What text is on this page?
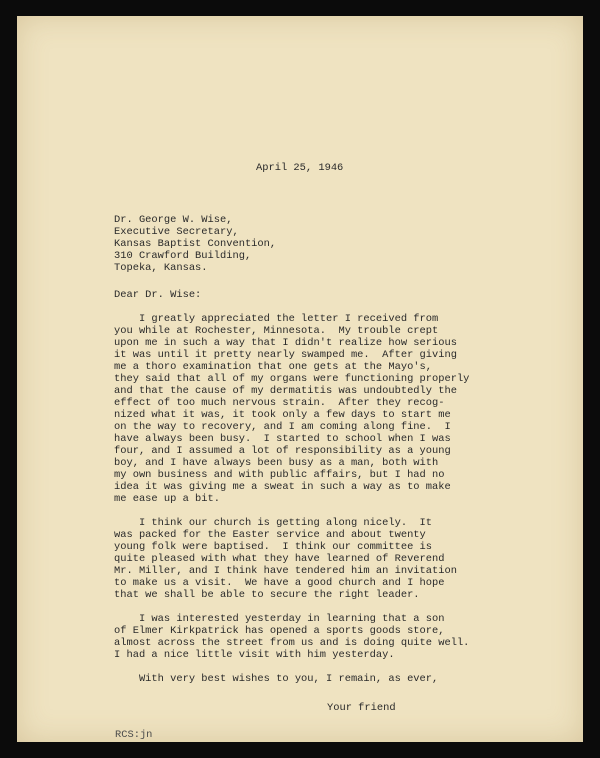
April 25, 1946
Dr. George W. Wise,
Executive Secretary,
Kansas Baptist Convention,
310 Crawford Building,
Topeka, Kansas.
Dear Dr. Wise:
I greatly appreciated the letter I received from
you while at Rochester, Minnesota.  My trouble crept
upon me in such a way that I didn't realize how serious
it was until it pretty nearly swamped me.  After giving
me a thoro examination that one gets at the Mayo's,
they said that all of my organs were functioning properly
and that the cause of my dermatitis was undoubtedly the
effect of too much nervous strain.  After they recog-
nized what it was, it took only a few days to start me
on the way to recovery, and I am coming along fine.  I
have always been busy.  I started to school when I was
four, and I assumed a lot of responsibility as a young
boy, and I have always been busy as a man, both with
my own business and with public affairs, but I had no
idea it was giving me a sweat in such a way as to make
me ease up a bit.
I think our church is getting along nicely.  It
was packed for the Easter service and about twenty
young folk were baptised.  I think our committee is
quite pleased with what they have learned of Reverend
Mr. Miller, and I think have tendered him an invitation
to make us a visit.  We have a good church and I hope
that we shall be able to secure the right leader.
I was interested yesterday in learning that a son
of Elmer Kirkpatrick has opened a sports goods store,
almost across the street from us and is doing quite well.
I had a nice little visit with him yesterday.
With very best wishes to you, I remain, as ever,
Your friend
RCS:jn
